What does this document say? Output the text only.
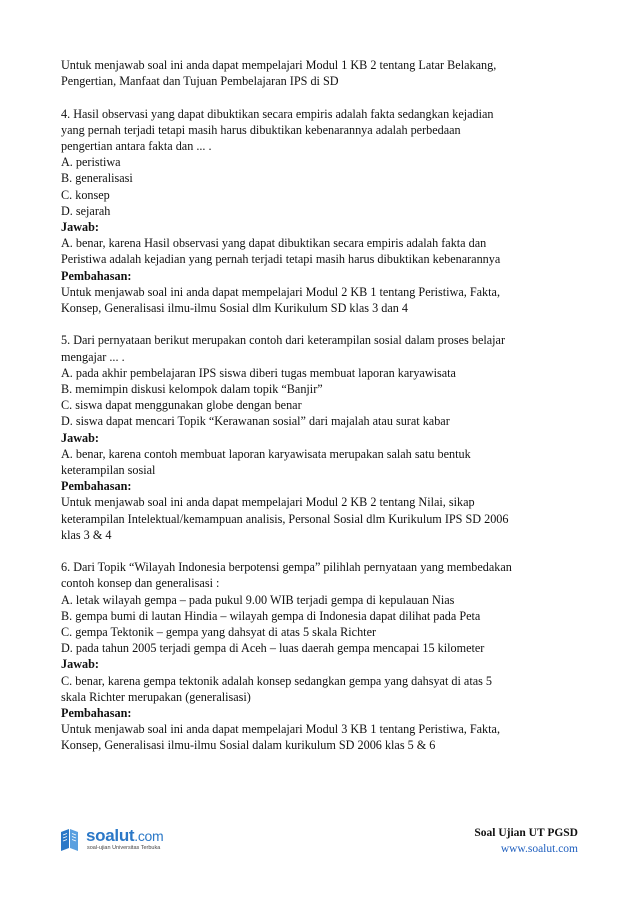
Untuk menjawab soal ini anda dapat mempelajari Modul 1 KB 2 tentang Latar Belakang,
Pengertian, Manfaat dan Tujuan Pembelajaran IPS di SD
4. Hasil observasi yang dapat dibuktikan secara empiris adalah fakta sedangkan kejadian
yang pernah terjadi tetapi masih harus dibuktikan kebenarannya adalah perbedaan
pengertian antara fakta dan ... .
A. peristiwa
B. generalisasi
C. konsep
D. sejarah
Jawab:
A. benar, karena Hasil observasi yang dapat dibuktikan secara empiris adalah fakta dan
Peristiwa adalah kejadian yang pernah terjadi tetapi masih harus dibuktikan kebenarannya
Pembahasan:
Untuk menjawab soal ini anda dapat mempelajari Modul 2 KB 1 tentang Peristiwa, Fakta,
Konsep, Generalisasi ilmu-ilmu Sosial dlm Kurikulum SD klas 3 dan 4
5. Dari pernyataan berikut merupakan contoh dari keterampilan sosial dalam proses belajar
mengajar ... .
A. pada akhir pembelajaran IPS siswa diberi tugas membuat laporan karyawisata
B. memimpin diskusi kelompok dalam topik “Banjir”
C. siswa dapat menggunakan globe dengan benar
D. siswa dapat mencari Topik “Kerawanan sosial” dari majalah atau surat kabar
Jawab:
A. benar, karena contoh membuat laporan karyawisata merupakan salah satu bentuk
keterampilan sosial
Pembahasan:
Untuk menjawab soal ini anda dapat mempelajari Modul 2 KB 2 tentang Nilai, sikap
keterampilan Intelektual/kemampuan analisis, Personal Sosial dlm Kurikulum IPS SD 2006
klas 3 & 4
6. Dari Topik “Wilayah Indonesia berpotensi gempa” pilihlah pernyataan yang membedakan
contoh konsep dan generalisasi :
A. letak wilayah gempa – pada pukul 9.00 WIB terjadi gempa di kepulauan Nias
B. gempa bumi di lautan Hindia – wilayah gempa di Indonesia dapat dilihat pada Peta
C. gempa Tektonik – gempa yang dahsyat di atas 5 skala Richter
D. pada tahun 2005 terjadi gempa di Aceh – luas daerah gempa mencapai 15 kilometer
Jawab:
C. benar, karena gempa tektonik adalah konsep sedangkan gempa yang dahsyat di atas 5
skala Richter merupakan (generalisasi)
Pembahasan:
Untuk menjawab soal ini anda dapat mempelajari Modul 3 KB 1 tentang Peristiwa, Fakta,
Konsep, Generalisasi ilmu-ilmu Sosial dalam kurikulum SD 2006 klas 5 & 6
soalut.com
soal-ujian Universitas Terbuka
Soal Ujian UT PGSD
www.soalut.com
